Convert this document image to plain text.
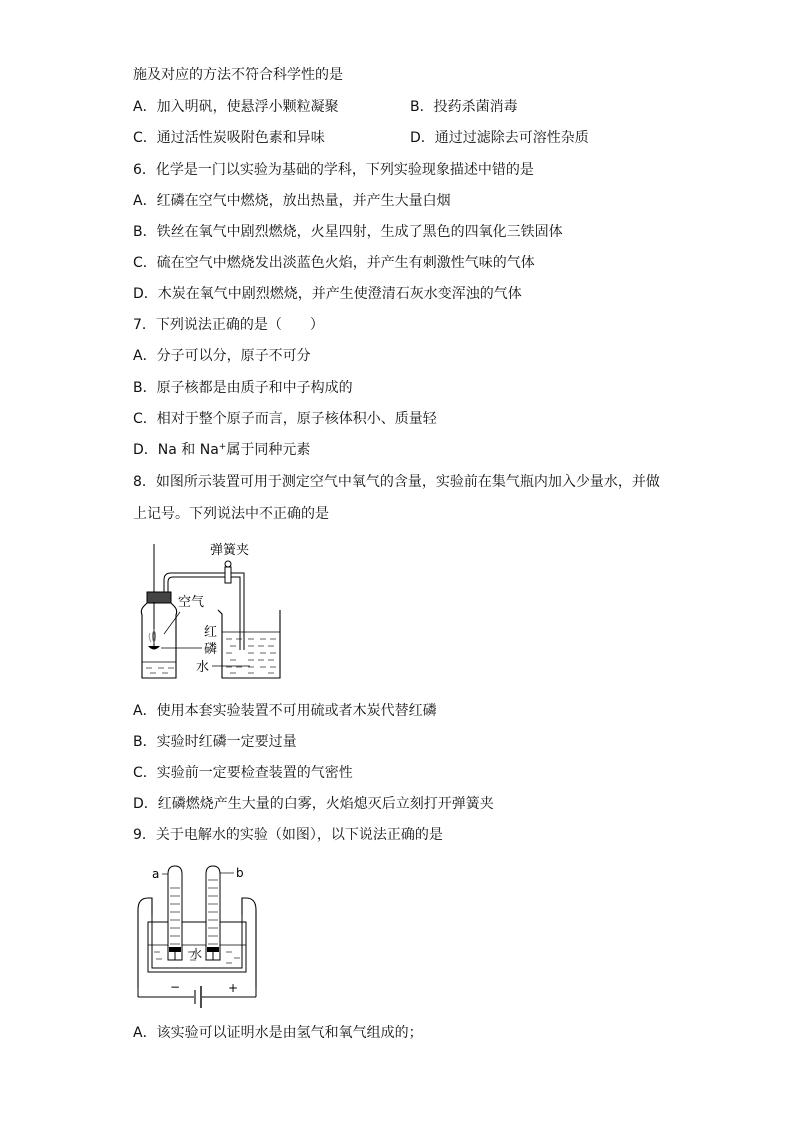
施及对应的方法不符合科学性的是
A．加入明矾，使悬浮小颗粒凝聚	B．投药杀菌消毒
C．通过活性炭吸附色素和异味	D．通过过滤除去可溶性杂质
6．化学是一门以实验为基础的学科，下列实验现象描述中错的是
A．红磷在空气中燃烧，放出热量，并产生大量白烟
B．铁丝在氧气中剧烈燃烧，火星四射，生成了黑色的四氧化三铁固体
C．硫在空气中燃烧发出淡蓝色火焰，并产生有刺激性气味的气体
D．木炭在氧气中剧烈燃烧，并产生使澄清石灰水变浑浊的气体
7．下列说法正确的是（　　）
A．分子可以分，原子不可分
B．原子核都是由质子和中子构成的
C．相对于整个原子而言，原子核体积小、质量轻
D．Na 和 Na+属于同种元素
8．如图所示装置可用于测定空气中氧气的含量，实验前在集气瓶内加入少量水，并做
上记号。下列说法中不正确的是
弹簧夹
空气
红
磷
水
A．使用本套实验装置不可用硫或者木炭代替红磷
B．实验时红磷一定要过量
C．实验前一定要检查装置的气密性
D．红磷燃烧产生大量的白雾，火焰熄灭后立刻打开弹簧夹
9．关于电解水的实验（如图），以下说法正确的是
a	b
水
−	+
A．该实验可以证明水是由氢气和氧气组成的；
